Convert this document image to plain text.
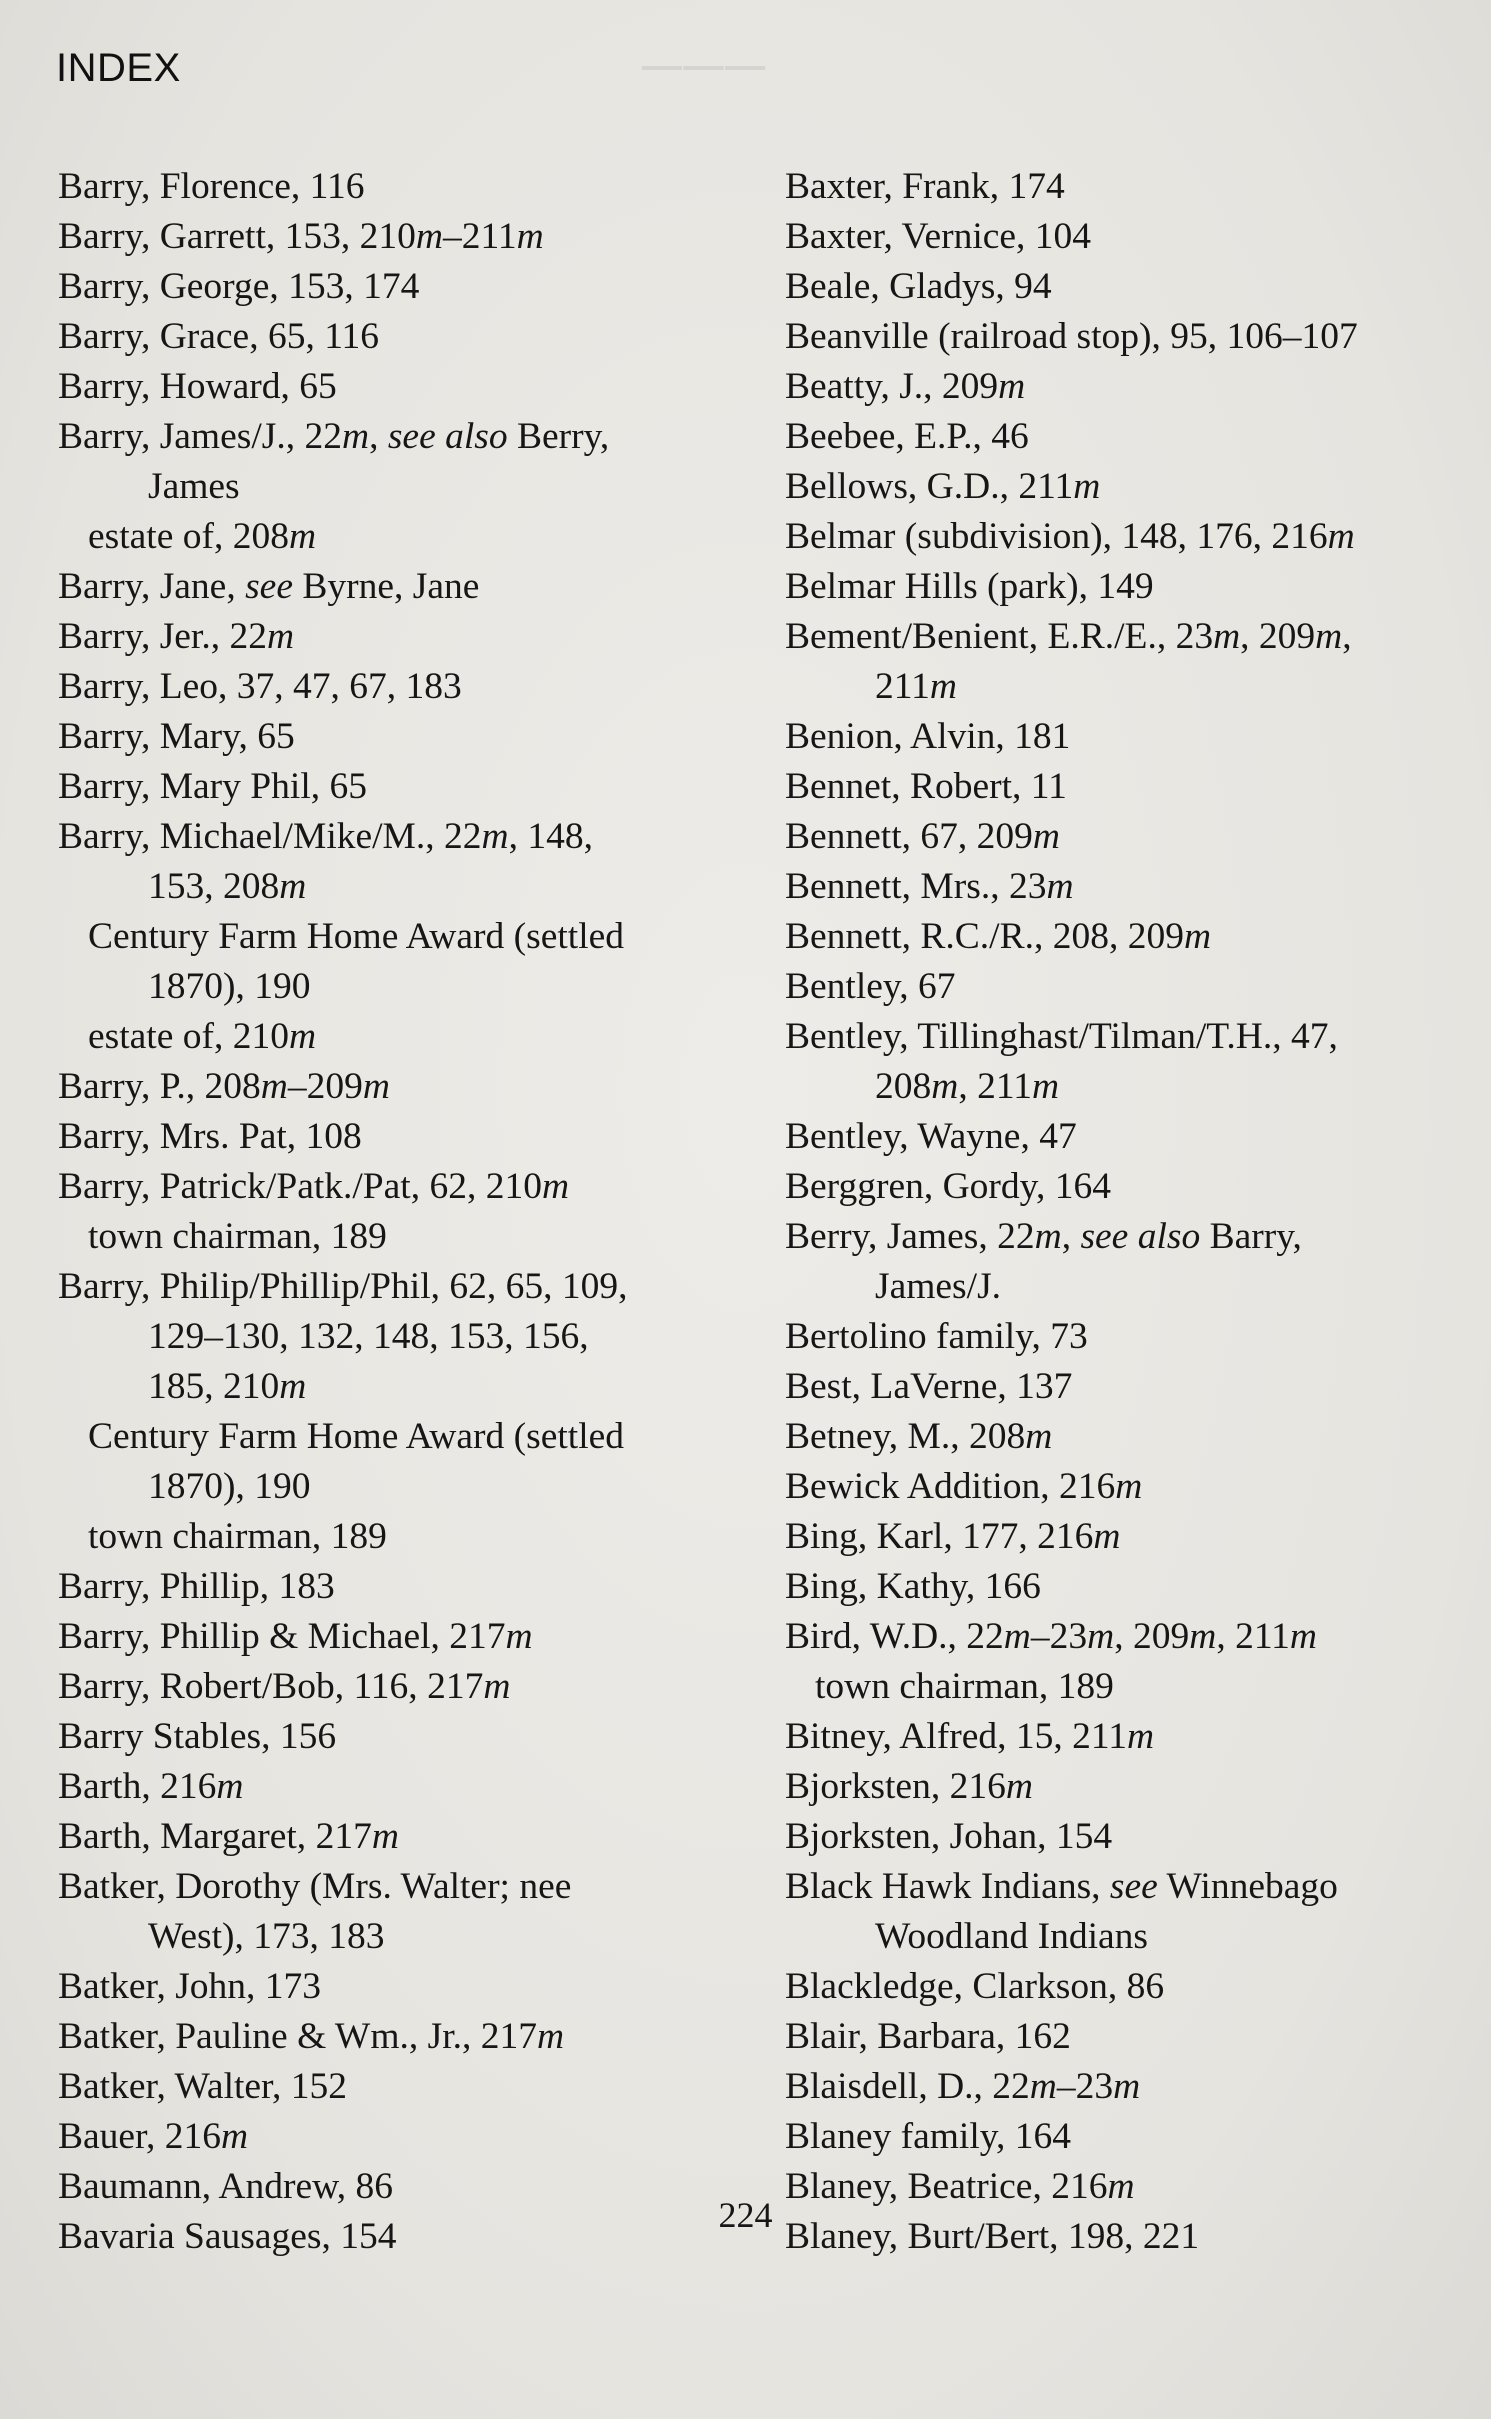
───
INDEX
Barry, Florence, 116
Barry, Garrett, 153, 210m–211m
Barry, George, 153, 174
Barry, Grace, 65, 116
Barry, Howard, 65
Barry, James/J., 22m, see also Berry,
James
estate of, 208m
Barry, Jane, see Byrne, Jane
Barry, Jer., 22m
Barry, Leo, 37, 47, 67, 183
Barry, Mary, 65
Barry, Mary Phil, 65
Barry, Michael/Mike/M., 22m, 148,
153, 208m
Century Farm Home Award (settled
1870), 190
estate of, 210m
Barry, P., 208m–209m
Barry, Mrs. Pat, 108
Barry, Patrick/Patk./Pat, 62, 210m
town chairman, 189
Barry, Philip/Phillip/Phil, 62, 65, 109,
129–130, 132, 148, 153, 156,
185, 210m
Century Farm Home Award (settled
1870), 190
town chairman, 189
Barry, Phillip, 183
Barry, Phillip & Michael, 217m
Barry, Robert/Bob, 116, 217m
Barry Stables, 156
Barth, 216m
Barth, Margaret, 217m
Batker, Dorothy (Mrs. Walter; nee
West), 173, 183
Batker, John, 173
Batker, Pauline & Wm., Jr., 217m
Batker, Walter, 152
Bauer, 216m
Baumann, Andrew, 86
Bavaria Sausages, 154
Baxter, Frank, 174
Baxter, Vernice, 104
Beale, Gladys, 94
Beanville (railroad stop), 95, 106–107
Beatty, J., 209m
Beebee, E.P., 46
Bellows, G.D., 211m
Belmar (subdivision), 148, 176, 216m
Belmar Hills (park), 149
Bement/Benient, E.R./E., 23m, 209m,
211m
Benion, Alvin, 181
Bennet, Robert, 11
Bennett, 67, 209m
Bennett, Mrs., 23m
Bennett, R.C./R., 208, 209m
Bentley, 67
Bentley, Tillinghast/Tilman/T.H., 47,
208m, 211m
Bentley, Wayne, 47
Berggren, Gordy, 164
Berry, James, 22m, see also Barry,
James/J.
Bertolino family, 73
Best, LaVerne, 137
Betney, M., 208m
Bewick Addition, 216m
Bing, Karl, 177, 216m
Bing, Kathy, 166
Bird, W.D., 22m–23m, 209m, 211m
town chairman, 189
Bitney, Alfred, 15, 211m
Bjorksten, 216m
Bjorksten, Johan, 154
Black Hawk Indians, see Winnebago
Woodland Indians
Blackledge, Clarkson, 86
Blair, Barbara, 162
Blaisdell, D., 22m–23m
Blaney family, 164
Blaney, Beatrice, 216m
Blaney, Burt/Bert, 198, 221
224
